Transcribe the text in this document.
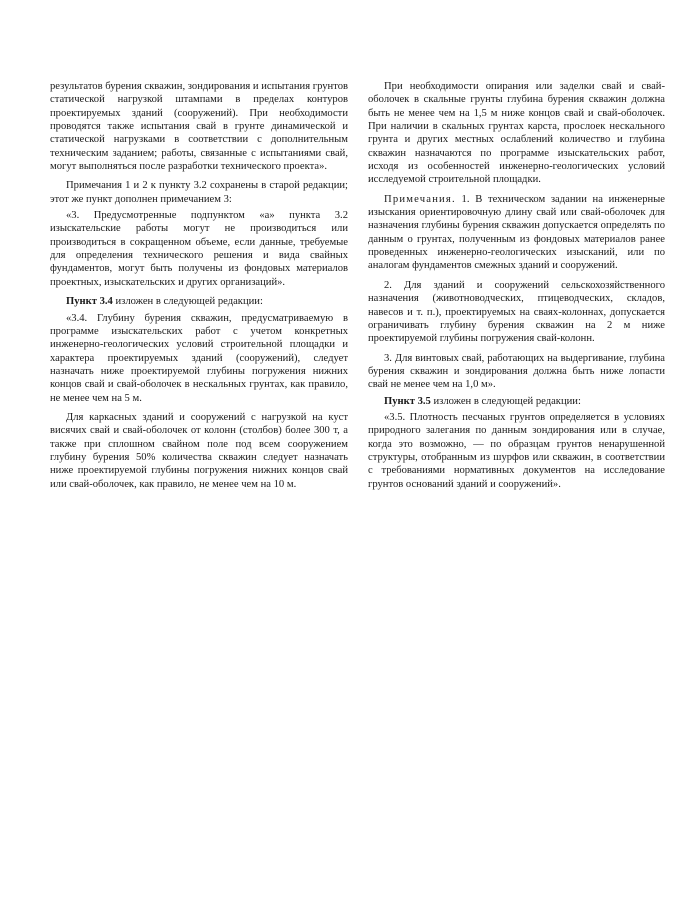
результатов бурения скважин, зондирования и испытания грунтов статической нагрузкой штампами в пределах контуров проектируемых зданий (сооружений). При необходимости проводятся также испытания свай в грунте динамической и статической нагрузками в соответствии с дополнительным техническим заданием; работы, связанные с испытаниями свай, могут выполняться после разработки технического проекта».

Примечания 1 и 2 к пункту 3.2 сохранены в старой редакции; этот же пункт дополнен примечанием 3:

«3. Предусмотренные подпунктом «а» пункта 3.2 изыскательские работы могут не производиться или производиться в сокращенном объеме, если данные, требуемые для определения технического решения и вида свайных фундаментов, могут быть получены из фондовых материалов проектных, изыскательских и других организаций».

Пункт 3.4 изложен в следующей редакции:

«3.4. Глубину бурения скважин, предусматриваемую в программе изыскательских работ с учетом конкретных инженерно-геологических условий строительной площадки и характера проектируемых зданий (сооружений), следует назначать ниже проектируемой глубины погружения нижних концов свай и свай-оболочек в нескальных грунтах, как правило, не менее чем на 5 м.

Для каркасных зданий и сооружений с нагрузкой на куст висячих свай и свай-оболочек от колонн (столбов) более 300 т, а также при сплошном свайном поле под всем сооружением глубину бурения 50% количества скважин следует назначать ниже проектируемой глубины погружения нижних концов свай или свай-оболочек, как правило, не менее чем на 10 м.

При необходимости опирания или заделки свай и свай-оболочек в скальные грунты глубина бурения скважин должна быть не менее чем на 1,5 м ниже концов свай и свай-оболочек. При наличии в скальных грунтах карста, прослоек нескального грунта и других местных ослаблений количество и глубина скважин назначаются по программе изыскательских работ, исходя из особенностей инженерно-геологических условий исследуемой строительной площадки.

Примечания. 1. В техническом задании на инженерные изыскания ориентировочную длину свай или свай-оболочек для назначения глубины бурения скважин допускается определять по данным о грунтах, полученным из фондовых материалов ранее проведенных инженерно-геологических изысканий, или по аналогам фундаментов смежных зданий и сооружений.

2. Для зданий и сооружений сельскохозяйственного назначения (животноводческих, птицеводческих, складов, навесов и т. п.), проектируемых на сваях-колоннах, допускается ограничивать глубину бурения скважин на 2 м ниже проектируемой глубины погружения свай-колонн.

3. Для винтовых свай, работающих на выдергивание, глубина бурения скважин и зондирования должна быть ниже лопасти свай не менее чем на 1,0 м».

Пункт 3.5 изложен в следующей редакции:

«3.5. Плотность песчаных грунтов определяется в условиях природного залегания по данным зондирования или в случае, когда это возможно, — по образцам грунтов ненарушенной структуры, отобранным из шурфов или скважин, в соответствии с требованиями нормативных документов на исследование грунтов оснований зданий и сооружений».
